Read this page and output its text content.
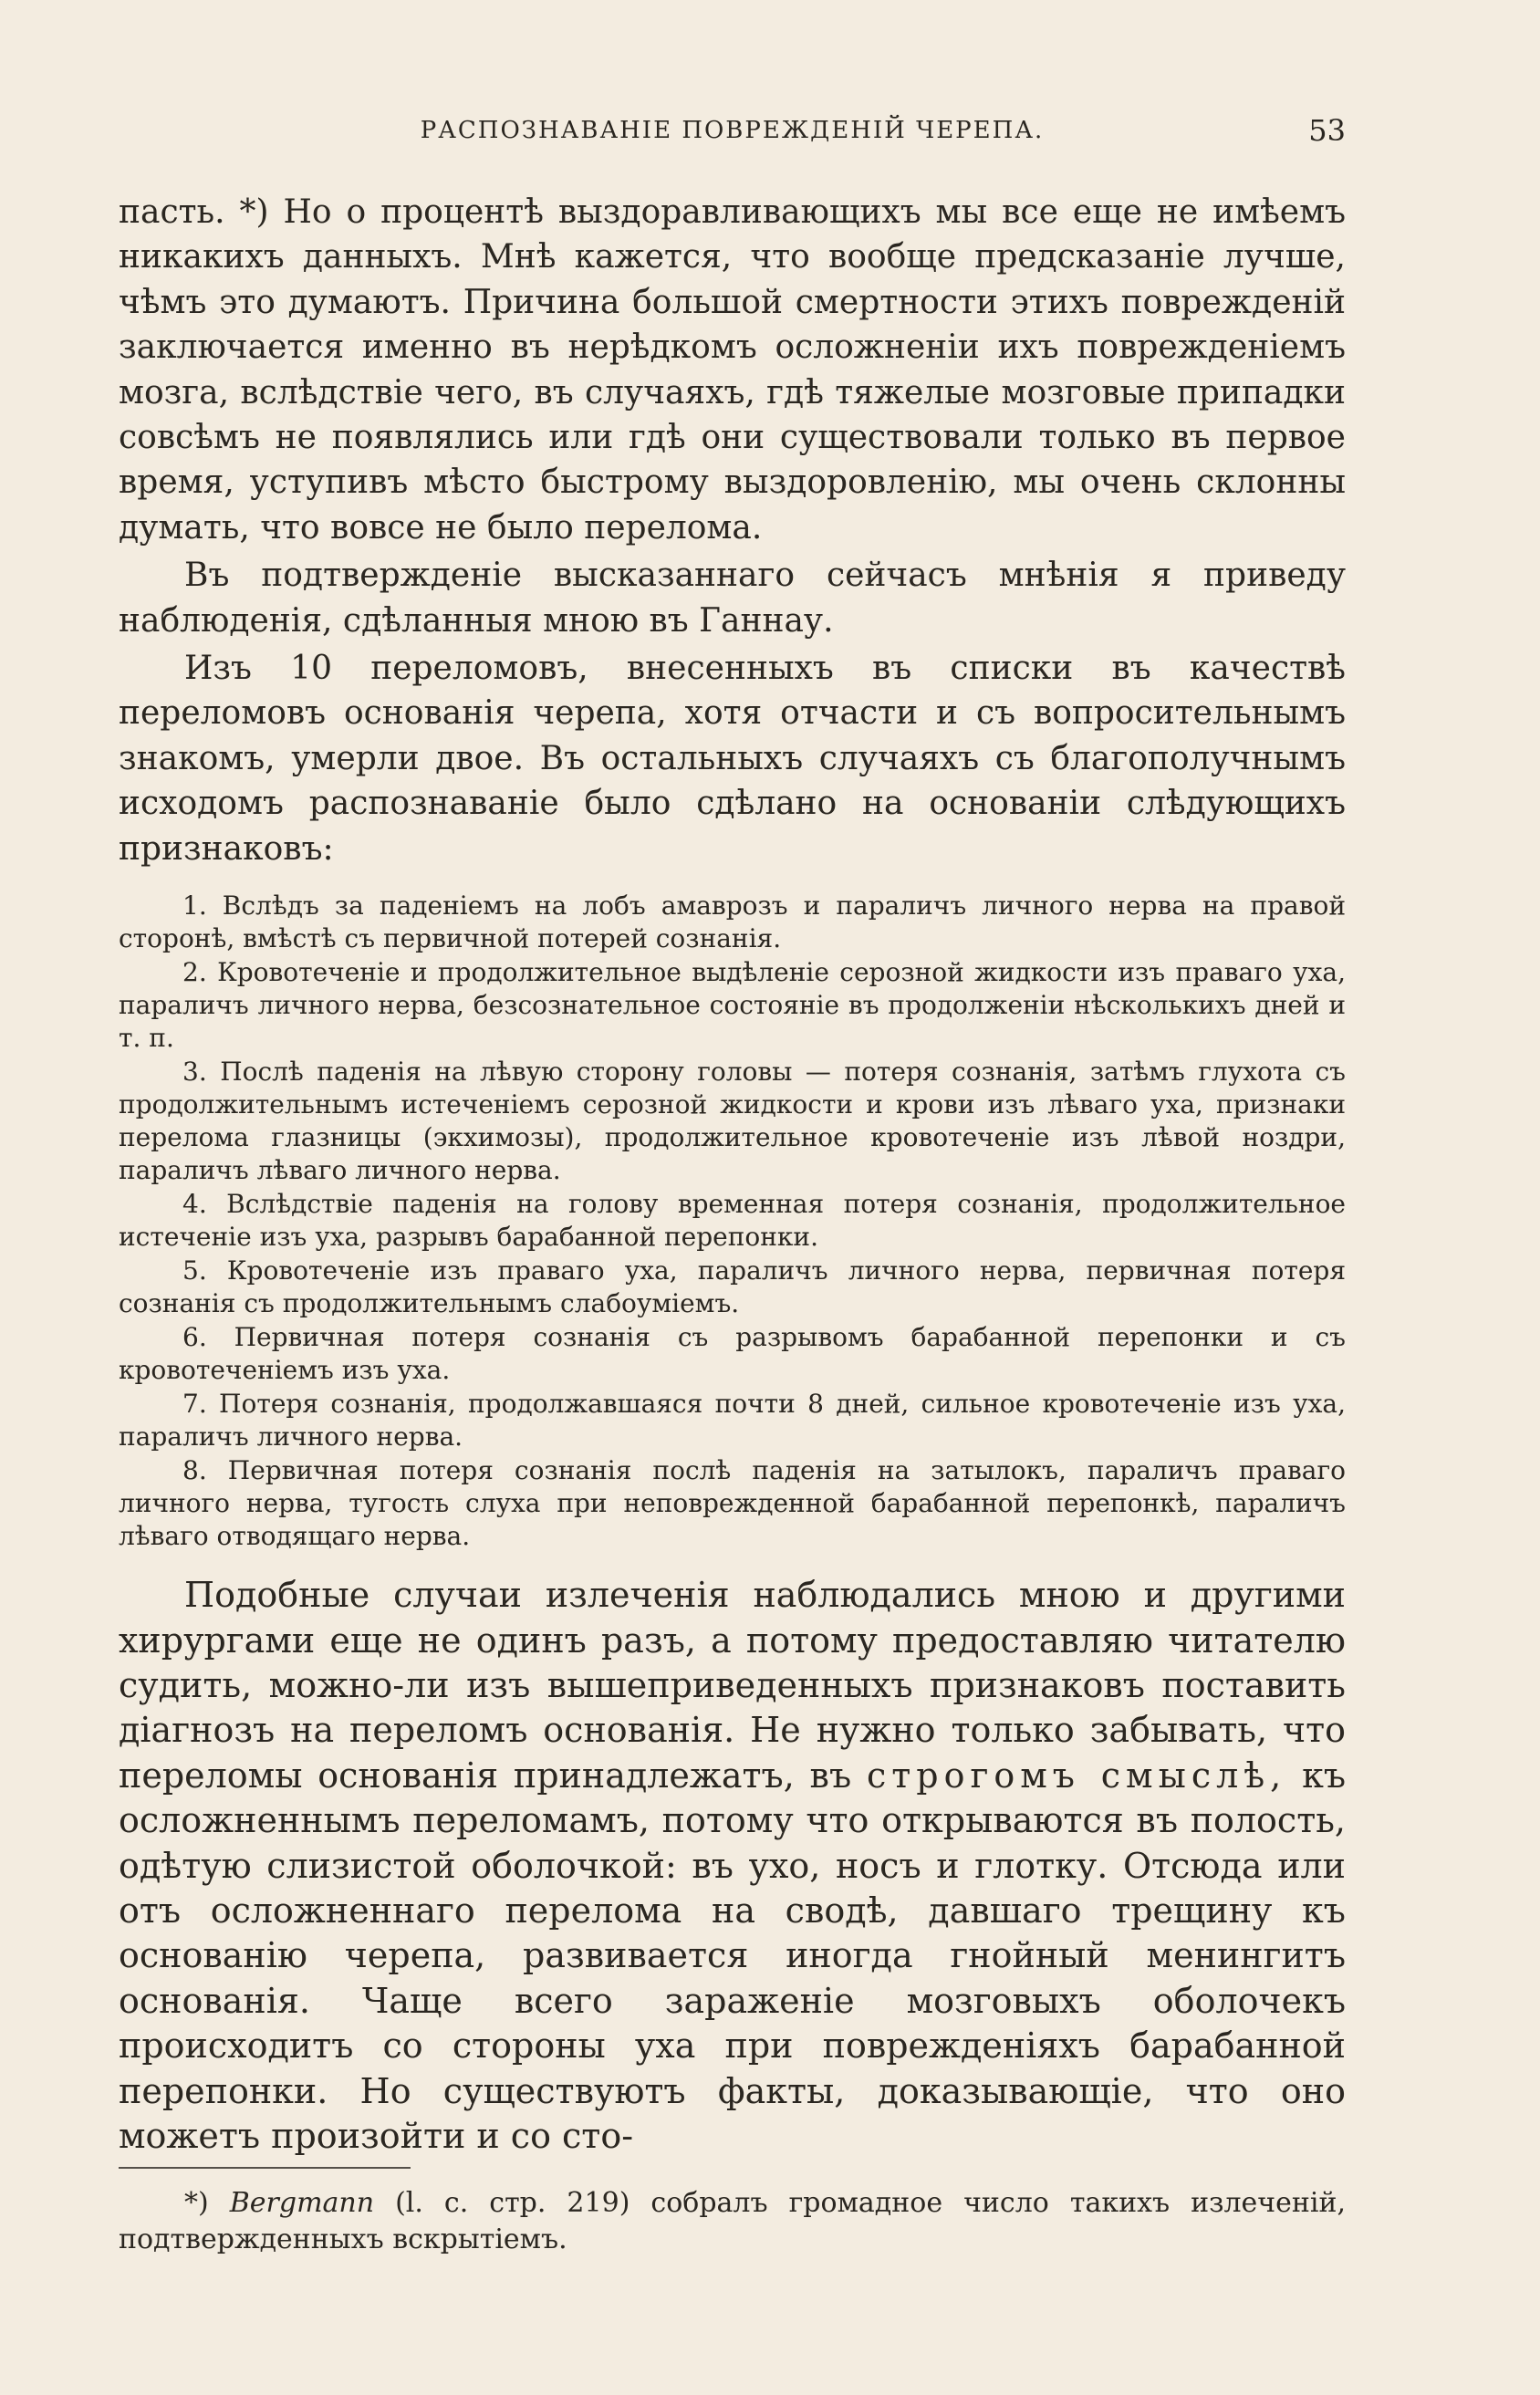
РАСПОЗНАВАНІЕ ПОВРЕЖДЕНІЙ ЧЕРЕПА.	53

пасть. *) Но о процентѣ выздоравливающихъ мы все еще не имѣемъ никакихъ данныхъ. Мнѣ кажется, что вообще предсказаніе лучше, чѣмъ это думаютъ. Причина большой смертности этихъ поврежденій заключается именно въ нерѣдкомъ осложненіи ихъ поврежденіемъ мозга, вслѣдствіе чего, въ случаяхъ, гдѣ тяжелые мозговые припадки совсѣмъ не появлялись или гдѣ они существовали только въ первое время, уступивъ мѣсто быстрому выздоровленію, мы очень склонны думать, что вовсе не было перелома.

Въ подтвержденіе высказаннаго сейчасъ мнѣнія я приведу наблюденія, сдѣланныя мною въ Ганнау.

Изъ 10 переломовъ, внесенныхъ въ списки въ качествѣ переломовъ основанія черепа, хотя отчасти и съ вопросительнымъ знакомъ, умерли двое. Въ остальныхъ случаяхъ съ благополучнымъ исходомъ распознаваніе было сдѣлано на основаніи слѣдующихъ признаковъ:

1. Вслѣдъ за паденіемъ на лобъ амаврозъ и параличъ личного нерва на правой сторонѣ, вмѣстѣ съ первичной потерей сознанія.

2. Кровотеченіе и продолжительное выдѣленіе серозной жидкости изъ праваго уха, параличъ личного нерва, безсознательное состояніе въ продолженіи нѣсколькихъ дней и т. п.

3. Послѣ паденія на лѣвую сторону головы — потеря сознанія, затѣмъ глухота съ продолжительнымъ истеченіемъ серозной жидкости и крови изъ лѣваго уха, признаки перелома глазницы (экхимозы), продолжительное кровотеченіе изъ лѣвой ноздри, параличъ лѣваго личного нерва.

4. Вслѣдствіе паденія на голову временная потеря сознанія, продолжительное истеченіе изъ уха, разрывъ барабанной перепонки.

5. Кровотеченіе изъ праваго уха, параличъ личного нерва, первичная потеря сознанія съ продолжительнымъ слабоуміемъ.

6. Первичная потеря сознанія съ разрывомъ барабанной перепонки и съ кровотеченіемъ изъ уха.

7. Потеря сознанія, продолжавшаяся почти 8 дней, сильное кровотеченіе изъ уха, параличъ личного нерва.

8. Первичная потеря сознанія послѣ паденія на затылокъ, параличъ праваго личного нерва, тугость слуха при неповрежденной барабанной перепонкѣ, параличъ лѣваго отводящаго нерва.

Подобные случаи излеченія наблюдались мною и другими хирургами еще не одинъ разъ, а потому предоставляю читателю судить, можно-ли изъ вышеприведенныхъ признаковъ поставить діагнозъ на переломъ основанія. Не нужно только забывать, что переломы основанія принадлежатъ, въ строгомъ смыслѣ, къ осложненнымъ переломамъ, потому что открываются въ полость, одѣтую слизистой оболочкой: въ ухо, носъ и глотку. Отсюда или отъ осложненнаго перелома на сводѣ, давшаго трещину къ основанію черепа, развивается иногда гнойный менингитъ основанія. Чаще всего зараженіе мозговыхъ оболочекъ происходитъ со стороны уха при поврежденіяхъ барабанной перепонки. Но существуютъ факты, доказывающіе, что оно можетъ произойти и со сто-

*) Bergmann (l. c. стр. 219) собралъ громадное число такихъ излеченій, подтвержденныхъ вскрытіемъ.
